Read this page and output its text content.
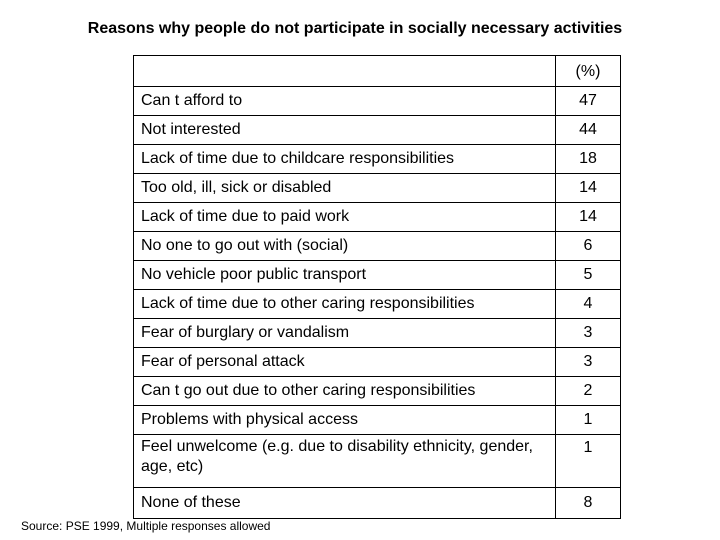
Reasons why people do not participate in socially necessary activities
	(%)
Can t afford to	47
Not interested	44
Lack of time due to childcare responsibilities	18
Too old, ill, sick or disabled	14
Lack of time due to paid work	14
No one to go out with (social)	6
No vehicle poor public transport	5
Lack of time due to other caring responsibilities	4
Fear of burglary or vandalism	3
Fear of personal attack	3
Can t go out due to other caring responsibilities	2
Problems with physical access	1
Feel unwelcome (e.g. due to disability ethnicity, gender, age, etc)	1
None of these	8
Source: PSE 1999, Multiple responses allowed
